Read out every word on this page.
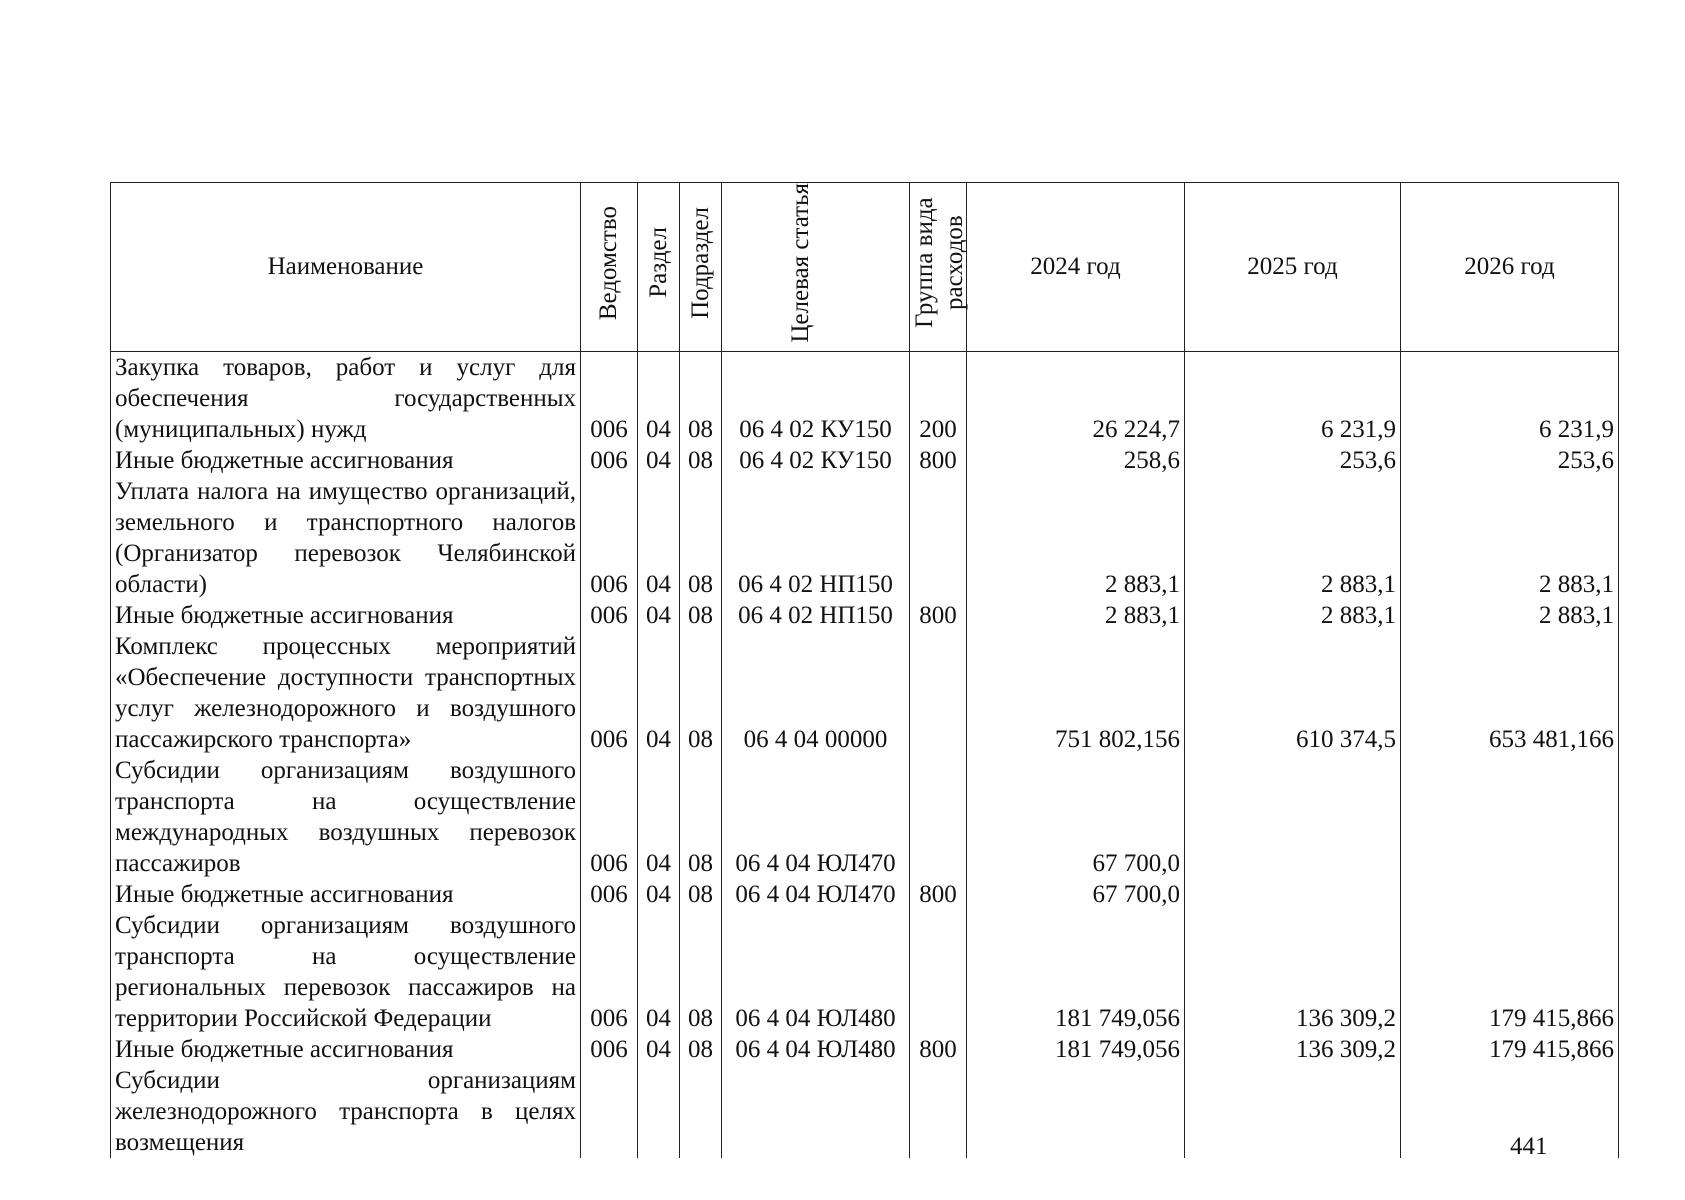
Наименование	Ведомство	Раздел	Подраздел	Целевая статья	Группа вида расходов	2024 год	2025 год	2026 год
Закупка товаров, работ и услуг для обеспечения государственных (муниципальных) нужд	006	04	08	06 4 02 КУ150	200	26 224,7	6 231,9	6 231,9
Иные бюджетные ассигнования	006	04	08	06 4 02 КУ150	800	258,6	253,6	253,6
Уплата налога на имущество организаций, земельного и транспортного налогов (Организатор перевозок Челябинской области)	006	04	08	06 4 02 НП150		2 883,1	2 883,1	2 883,1
Иные бюджетные ассигнования	006	04	08	06 4 02 НП150	800	2 883,1	2 883,1	2 883,1
Комплекс процессных мероприятий «Обеспечение доступности транспортных услуг железнодорожного и воздушного пассажирского транспорта»	006	04	08	06 4 04 00000		751 802,156	610 374,5	653 481,166
Субсидии организациям воздушного транспорта на осуществление международных воздушных перевозок пассажиров	006	04	08	06 4 04 ЮЛ470		67 700,0		
Иные бюджетные ассигнования	006	04	08	06 4 04 ЮЛ470	800	67 700,0		
Субсидии организациям воздушного транспорта на осуществление региональных перевозок пассажиров на территории Российской Федерации	006	04	08	06 4 04 ЮЛ480		181 749,056	136 309,2	179 415,866
Иные бюджетные ассигнования	006	04	08	06 4 04 ЮЛ480	800	181 749,056	136 309,2	179 415,866
Субсидии организациям железнодорожного транспорта в целях возмещения									441
